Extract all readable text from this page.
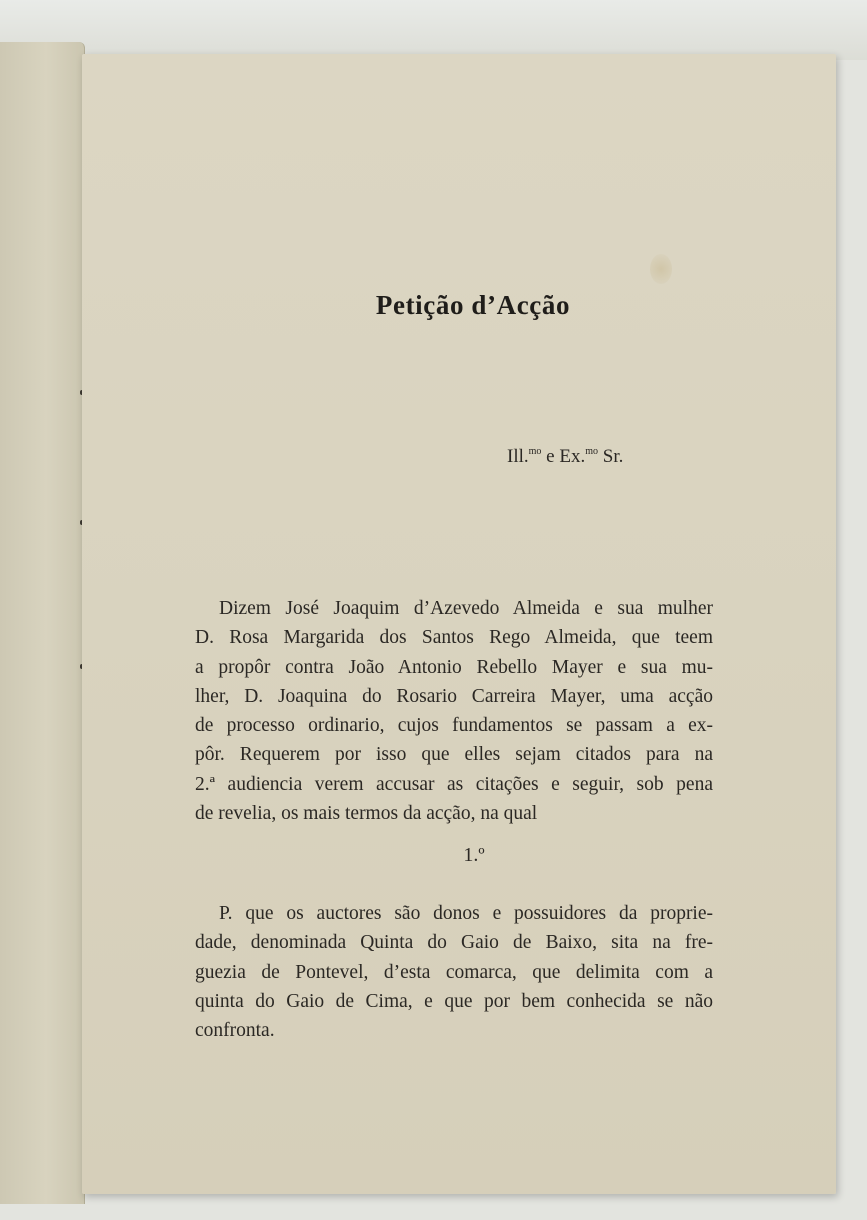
Petição d’Acção
Ill.$^{mo}$ e Ex.$^{mo}$ Sr.
Dizem José Joaquim d’Azevedo Almeida e sua mulher
D. Rosa Margarida dos Santos Rego Almeida, que teem
a propôr contra João Antonio Rebello Mayer e sua mu-
lher, D. Joaquina do Rosario Carreira Mayer, uma acção
de processo ordinario, cujos fundamentos se passam a ex-
pôr. Requerem por isso que elles sejam citados para na
2.ª audiencia verem accusar as citações e seguir, sob pena
de revelia, os mais termos da acção, na qual
1.º
P. que os auctores são donos e possuidores da proprie-
dade, denominada Quinta do Gaio de Baixo, sita na fre-
guezia de Pontevel, d’esta comarca, que delimita com a
quinta do Gaio de Cima, e que por bem conhecida se não
confronta.
